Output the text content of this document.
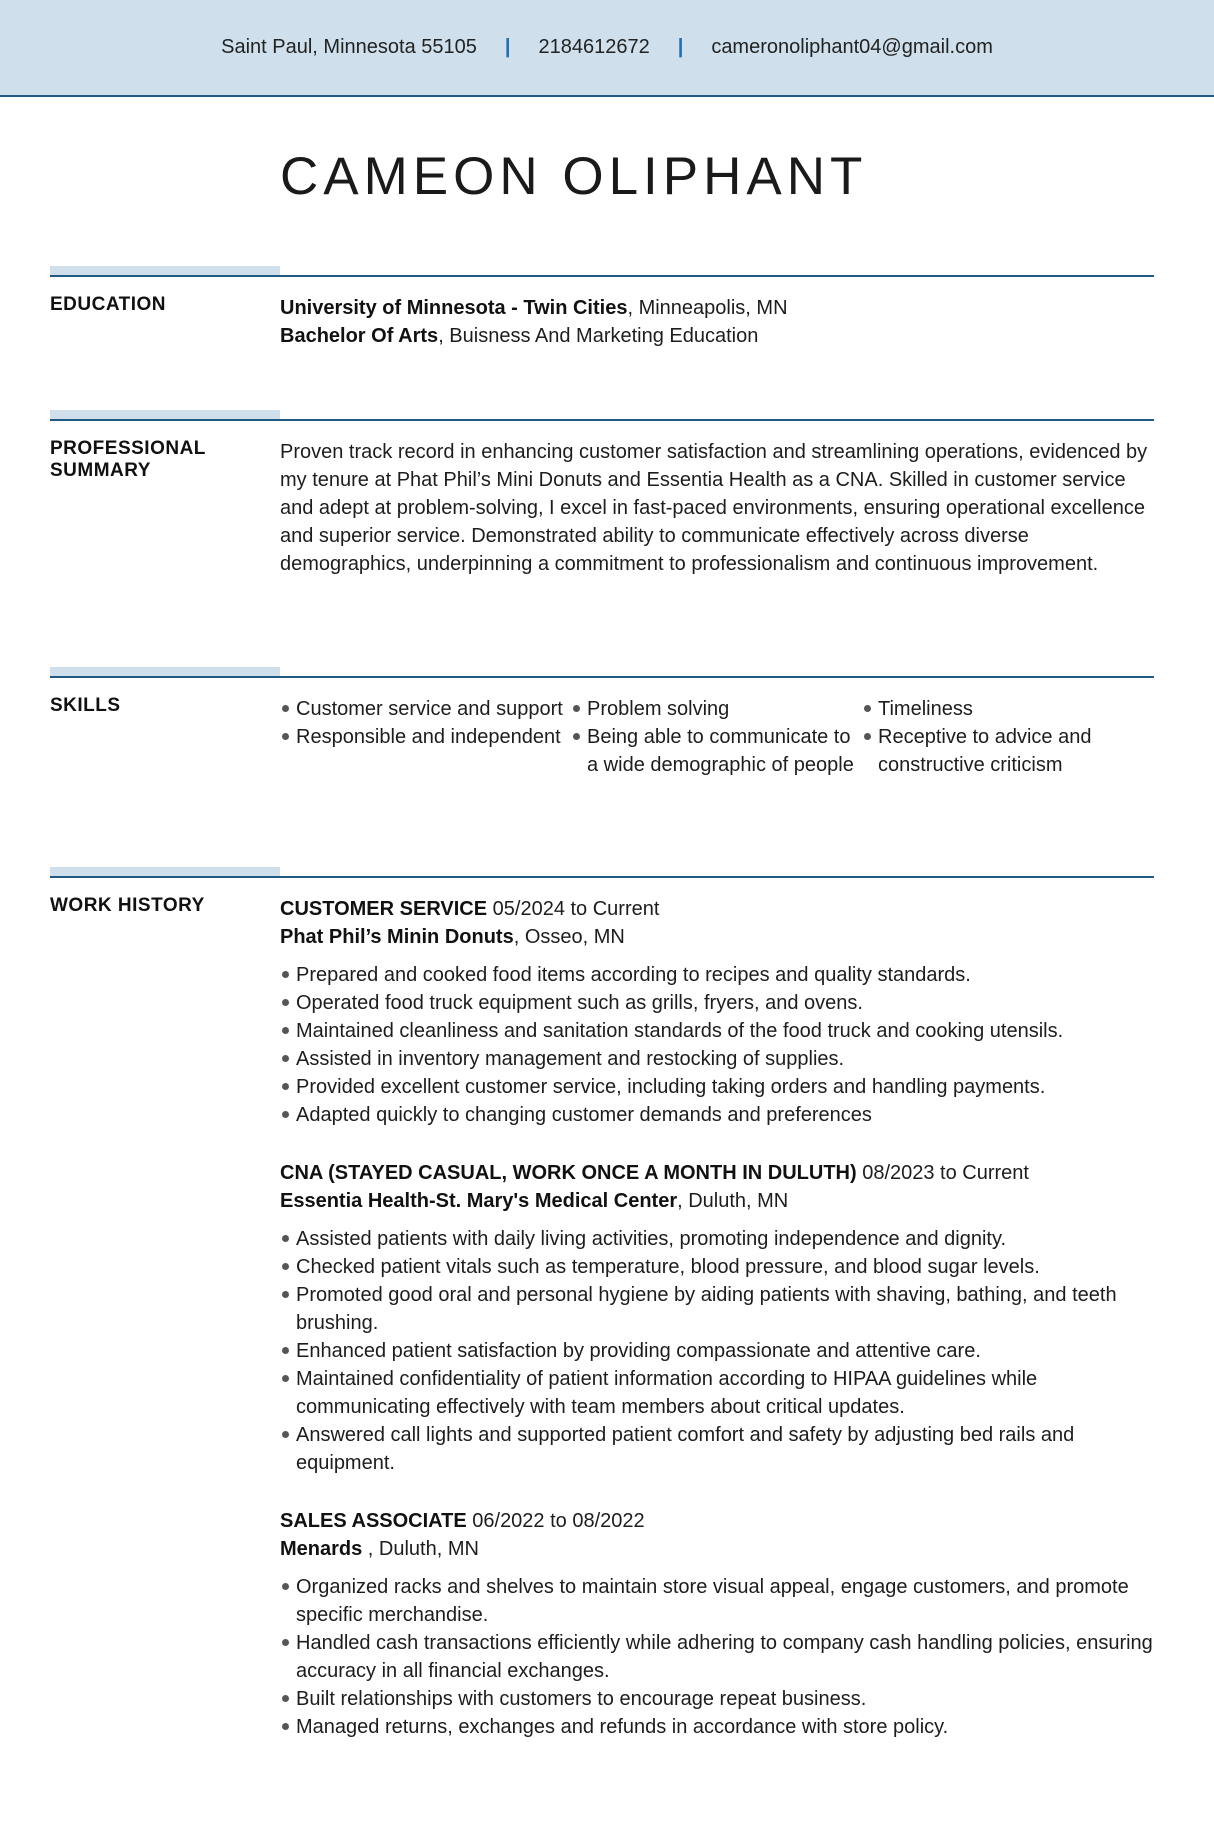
Saint Paul, Minnesota 55105 | 2184612672 | cameronoliphant04@gmail.com
CAMEON OLIPHANT
EDUCATION	University of Minnesota - Twin Cities, Minneapolis, MN
Bachelor Of Arts, Buisness And Marketing Education
PROFESSIONAL SUMMARY
Proven track record in enhancing customer satisfaction and streamlining operations, evidenced by my tenure at Phat Phil’s Mini Donuts and Essentia Health as a CNA. Skilled in customer service and adept at problem-solving, I excel in fast-paced environments, ensuring operational excellence and superior service. Demonstrated ability to communicate effectively across diverse demographics, underpinning a commitment to professionalism and continuous improvement.
SKILLS	Customer service and support
Responsible and independent
Problem solving
Being able to communicate to a wide demographic of people
Timeliness
Receptive to advice and constructive criticism
WORK HISTORY	CUSTOMER SERVICE 05/2024 to Current
Phat Phil’s Minin Donuts, Osseo, MN
Prepared and cooked food items according to recipes and quality standards.
Operated food truck equipment such as grills, fryers, and ovens.
Maintained cleanliness and sanitation standards of the food truck and cooking utensils.
Assisted in inventory management and restocking of supplies.
Provided excellent customer service, including taking orders and handling payments.
Adapted quickly to changing customer demands and preferences
CNA (STAYED CASUAL, WORK ONCE A MONTH IN DULUTH) 08/2023 to Current
Essentia Health-St. Mary's Medical Center, Duluth, MN
Assisted patients with daily living activities, promoting independence and dignity.
Checked patient vitals such as temperature, blood pressure, and blood sugar levels.
Promoted good oral and personal hygiene by aiding patients with shaving, bathing, and teeth brushing.
Enhanced patient satisfaction by providing compassionate and attentive care.
Maintained confidentiality of patient information according to HIPAA guidelines while communicating effectively with team members about critical updates.
Answered call lights and supported patient comfort and safety by adjusting bed rails and equipment.
SALES ASSOCIATE 06/2022 to 08/2022
Menards , Duluth, MN
Organized racks and shelves to maintain store visual appeal, engage customers, and promote specific merchandise.
Handled cash transactions efficiently while adhering to company cash handling policies, ensuring accuracy in all financial exchanges.
Built relationships with customers to encourage repeat business.
Managed returns, exchanges and refunds in accordance with store policy.
